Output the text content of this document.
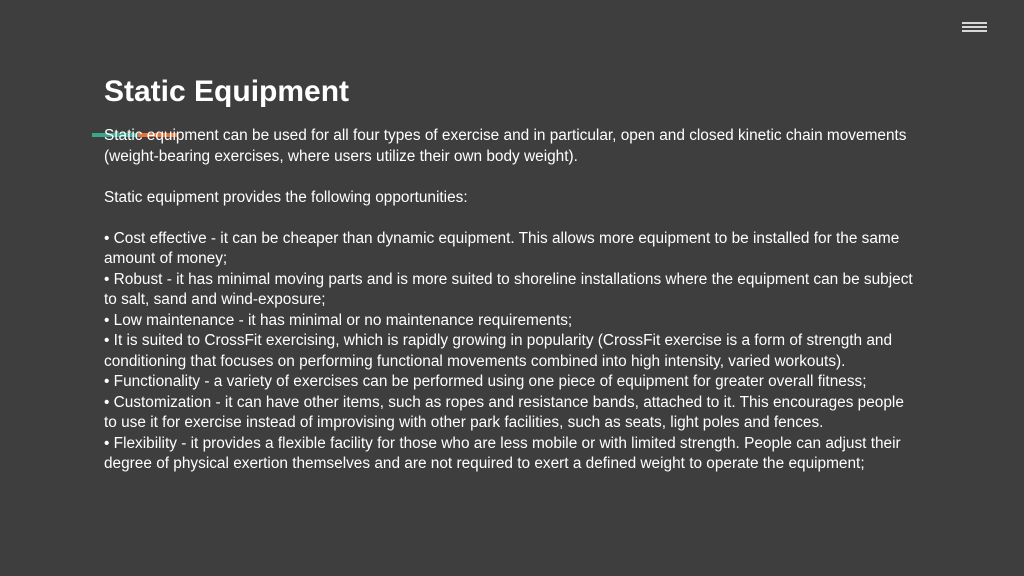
Static Equipment

Static equipment can be used for all four types of exercise and in particular, open and closed kinetic chain movements (weight-bearing exercises, where users utilize their own body weight).

Static equipment provides the following opportunities:

• Cost effective - it can be cheaper than dynamic equipment. This allows more equipment to be installed for the same amount of money;

• Robust - it has minimal moving parts and is more suited to shoreline installations where the equipment can be subject to salt, sand and wind-exposure;

• Low maintenance - it has minimal or no maintenance requirements;

• It is suited to CrossFit exercising, which is rapidly growing in popularity (CrossFit exercise is a form of strength and conditioning that focuses on performing functional movements combined into high intensity, varied workouts).

• Functionality - a variety of exercises can be performed using one piece of equipment for greater overall fitness;

• Customization - it can have other items, such as ropes and resistance bands, attached to it. This encourages people to use it for exercise instead of improvising with other park facilities, such as seats, light poles and fences.

• Flexibility - it provides a flexible facility for those who are less mobile or with limited strength. People can adjust their degree of physical exertion themselves and are not required to exert a defined weight to operate the equipment;
